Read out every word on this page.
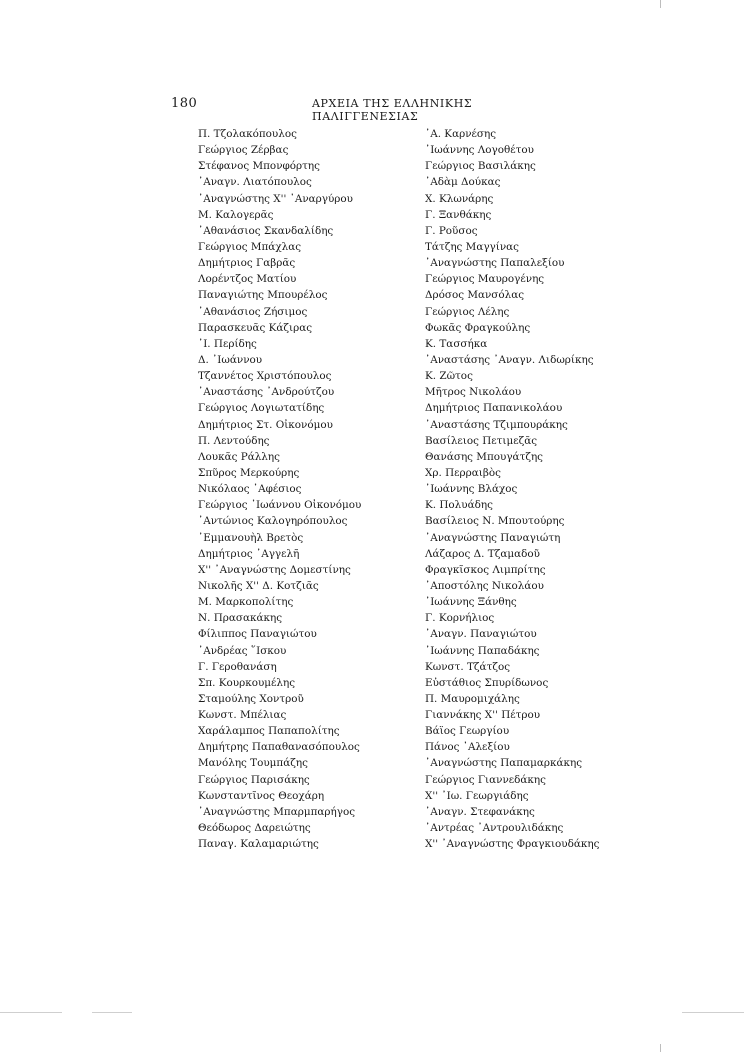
180	ΑΡΧΕΙΑ ΤΗΣ ΕΛΛΗΝΙΚΗΣ ΠΑΛΙΓΓΕΝΕΣΙΑΣ
Π. Τζολακόπουλος
Γεώργιος Ζέρβας
Στέφανος Μπονφόρτης
᾿Αναγν. Λιατόπουλος
᾿Αναγνώστης Χ'' ᾿Αναργύρου
Μ. Καλογερᾶς
᾿Αθανάσιος Σκανδαλίδης
Γεώργιος Μπάχλας
Δημήτριος Γαβρᾶς
Λορέντζος Ματίου
Παναγιώτης Μπουρέλος
᾿Αθανάσιος Ζήσιμος
Παρασκευᾶς Κάζιρας
᾿Ι. Περίδης
Δ. ᾿Ιωάννου
Τζαννέτος Χριστόπουλος
᾿Αναστάσης ᾿Ανδρούτζου
Γεώργιος Λογιωτατίδης
Δημήτριος Στ. Οἰκονόμου
Π. Λεντούδης
Λουκᾶς Ράλλης
Σπῦρος Μερκούρης
Νικόλαος ᾿Αφέσιος
Γεώργιος ᾿Ιωάννου Οἰκονόμου
᾿Αντώνιος Καλογηρόπουλος
᾿Εμμανουὴλ Βρετὸς
Δημήτριος ᾿Αγγελῆ
Χ'' ᾿Αναγνώστης Δομεστίνης
Νικολῆς Χ'' Δ. Κοτζιᾶς
Μ. Μαρκοπολίτης
Ν. Πρασακάκης
Φίλιππος Παναγιώτου
᾿Ανδρέας ῞Ισκου
Γ. Γεροθανάση
Σπ. Κουρκουμέλης
Σταμούλης Χοντροῦ
Κωνστ. Μπέλιας
Χαράλαμπος Παπαπολίτης
Δημήτρης Παπαθανασόπουλος
Μανόλης Τουμπάζης
Γεώργιος Παρισάκης
Κωνσταντῖνος Θεοχάρη
᾿Αναγνώστης Μπαρμπαρήγος
Θεόδωρος Δαρειώτης
Παναγ. Καλαμαριώτης
᾿Α. Καρνέσης
᾿Ιωάννης Λογοθέτου
Γεώργιος Βασιλάκης
᾿Αδὰμ Δούκας
Χ. Κλωνάρης
Γ. Ξανθάκης
Γ. Ροῦσος
Τάτζης Μαγγίνας
᾿Αναγνώστης Παπαλεξίου
Γεώργιος Μαυρογένης
Δρόσος Μανσόλας
Γεώργιος Λέλης
Φωκᾶς Φραγκούλης
Κ. Τασσήκα
᾿Αναστάσης ᾿Αναγν. Λιδωρίκης
Κ. Ζῶτος
Μῆτρος Νικολάου
Δημήτριος Παπανικολάου
᾿Αναστάσης Τζιμπουράκης
Βασίλειος Πετιμεζᾶς
Θανάσης Μπουγάτζης
Χρ. Περραιβὸς
᾿Ιωάννης Βλάχος
Κ. Πολυάδης
Βασίλειος Ν. Μπουτούρης
᾿Αναγνώστης Παναγιώτη
Λάζαρος Δ. Τζαμαδοῦ
Φραγκῖσκος Λιμπρίτης
᾿Αποστόλης Νικολάου
᾿Ιωάννης Ξάνθης
Γ. Κορνήλιος
᾿Αναγν. Παναγιώτου
᾿Ιωάννης Παπαδάκης
Κωνστ. Τζάτζος
Εὐστάθιος Σπυρίδωνος
Π. Μαυρομιχάλης
Γιαννάκης Χ'' Πέτρου
Βάϊος Γεωργίου
Πάνος ᾿Αλεξίου
᾿Αναγνώστης Παπαμαρκάκης
Γεώργιος Γιαννεδάκης
Χ'' ᾿Ιω. Γεωργιάδης
᾿Αναγν. Στεφανάκης
᾿Αντρέας ᾿Αντρουλιδάκης
Χ'' ᾿Αναγνώστης Φραγκιουδάκης
